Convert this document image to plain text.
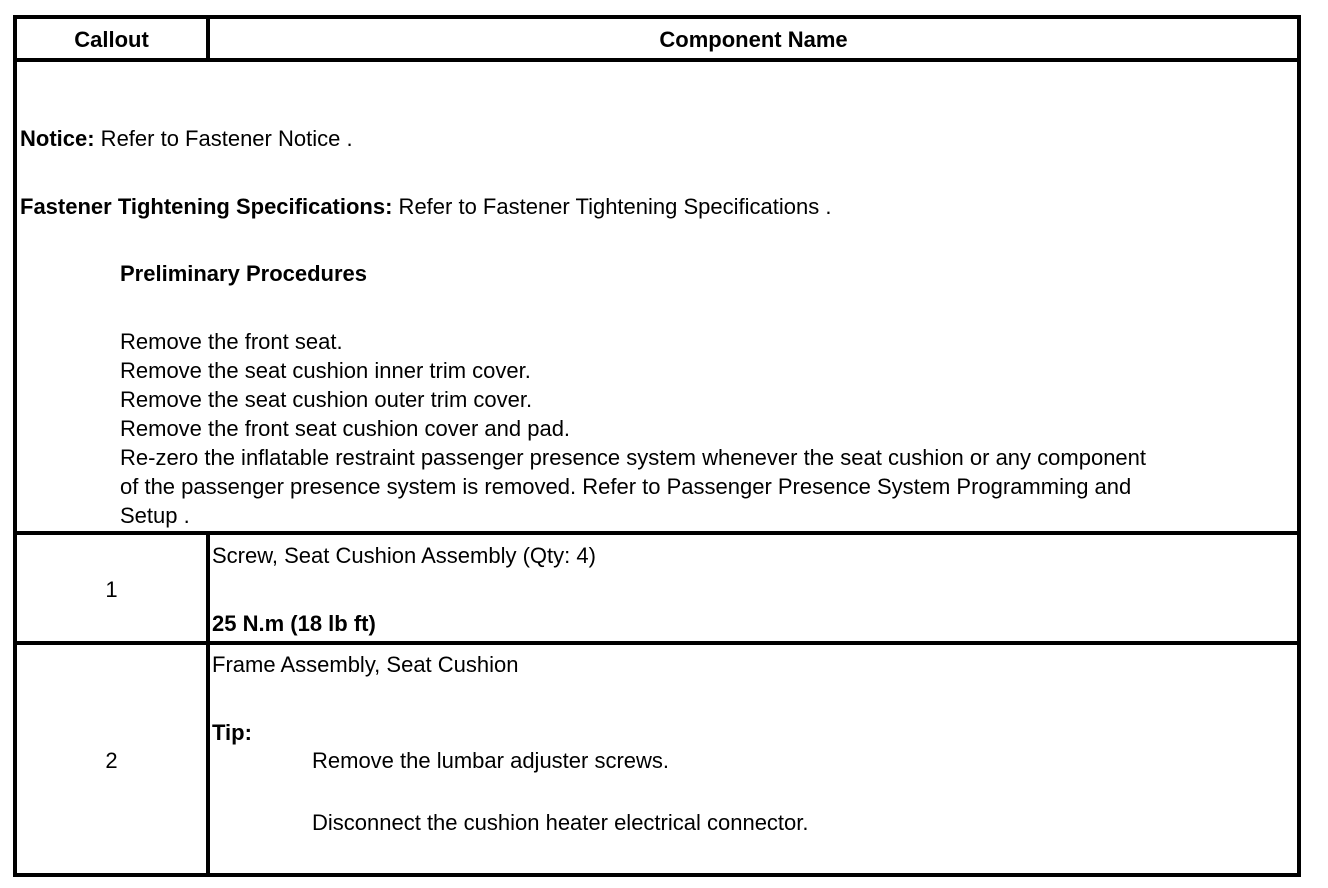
Callout	Component Name
Notice: Refer to Fastener Notice .
Fastener Tightening Specifications: Refer to Fastener Tightening Specifications .
Preliminary Procedures
Remove the front seat.
Remove the seat cushion inner trim cover.
Remove the seat cushion outer trim cover.
Remove the front seat cushion cover and pad.
Re-zero the inflatable restraint passenger presence system whenever the seat cushion or any component
of the passenger presence system is removed. Refer to Passenger Presence System Programming and
Setup .
1
Screw, Seat Cushion Assembly (Qty: 4)
25 N.m (18 lb ft)
2
Frame Assembly, Seat Cushion
Tip:
Remove the lumbar adjuster screws.
Disconnect the cushion heater electrical connector.
